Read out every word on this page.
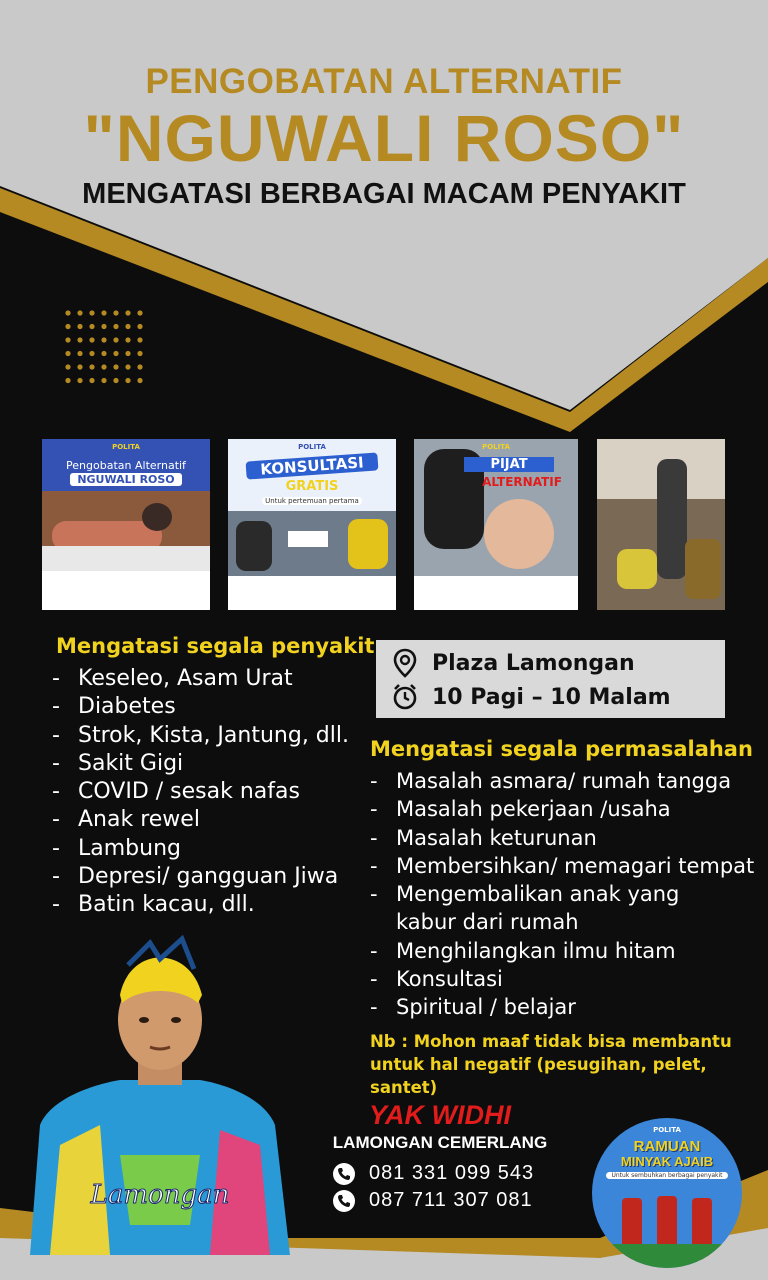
PENGOBATAN ALTERNATIF
"NGUWALI ROSO"
MENGATASI BERBAGAI MACAM PENYAKIT
POLITA
Pengobatan Alternatif
NGUWALI ROSO
POLITA
KONSULTASI
GRATIS
Untuk pertemuan pertama
POLITA
PIJAT
ALTERNATIF
Mengatasi segala penyakit
- Keseleo, Asam Urat
- Diabetes
- Strok, Kista, Jantung, dll.
- Sakit Gigi
- COVID / sesak nafas
- Anak rewel
- Lambung
- Depresi/ gangguan Jiwa
- Batin kacau, dll.
Plaza Lamongan
10 Pagi – 10 Malam
Mengatasi segala permasalahan
- Masalah asmara/ rumah tangga
- Masalah pekerjaan /usaha
- Masalah keturunan
- Membersihkan/ memagari tempat
- Mengembalikan anak yang
kabur dari rumah
- Menghilangkan ilmu hitam
- Konsultasi
- Spiritual / belajar
Nb : Mohon maaf tidak bisa membantu
untuk hal negatif (pesugihan, pelet, santet)
Lamongan
YAK WIDHI
LAMONGAN CEMERLANG
081 331 099 543
087 711 307 081
POLITA
RAMUAN
MINYAK AJAIB
Untuk sembuhkan berbagai penyakit
